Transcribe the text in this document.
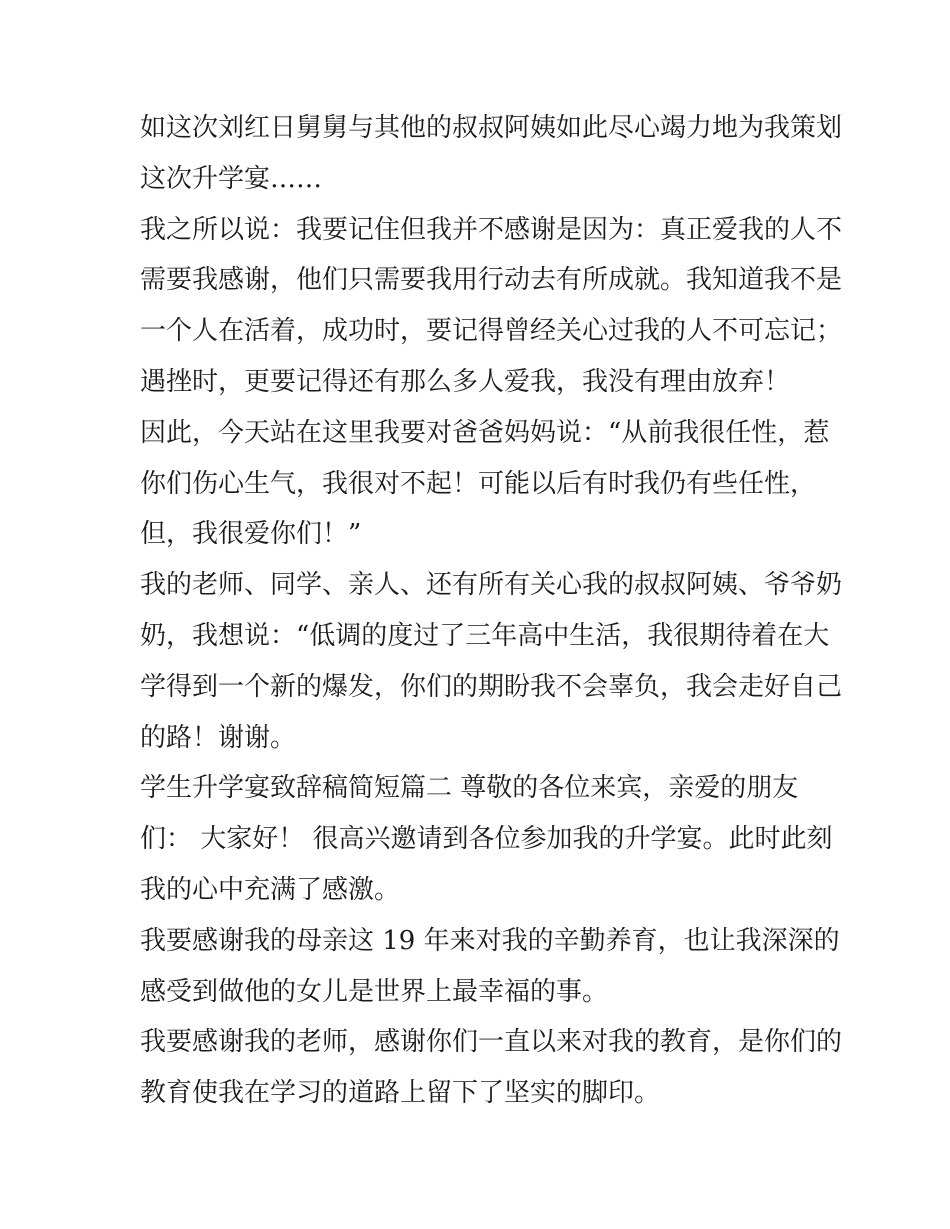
如这次刘红日舅舅与其他的叔叔阿姨如此尽心竭力地为我策划
这次升学宴……
我之所以说：我要记住但我并不感谢是因为：真正爱我的人不
需要我感谢，他们只需要我用行动去有所成就。我知道我不是
一个人在活着，成功时，要记得曾经关心过我的人不可忘记；
遇挫时，更要记得还有那么多人爱我，我没有理由放弃！
因此，今天站在这里我要对爸爸妈妈说：“从前我很任性，惹
你们伤心生气，我很对不起！可能以后有时我仍有些任性，
但，我很爱你们！”
我的老师、同学、亲人、还有所有关心我的叔叔阿姨、爷爷奶
奶，我想说：“低调的度过了三年高中生活，我很期待着在大
学得到一个新的爆发，你们的期盼我不会辜负，我会走好自己
的路！谢谢。
学生升学宴致辞稿简短篇二 尊敬的各位来宾，亲爱的朋友
们： 大家好！ 很高兴邀请到各位参加我的升学宴。此时此刻
我的心中充满了感激。
我要感谢我的母亲这 19 年来对我的辛勤养育，也让我深深的
感受到做他的女儿是世界上最幸福的事。
我要感谢我的老师，感谢你们一直以来对我的教育，是你们的
教育使我在学习的道路上留下了坚实的脚印。
